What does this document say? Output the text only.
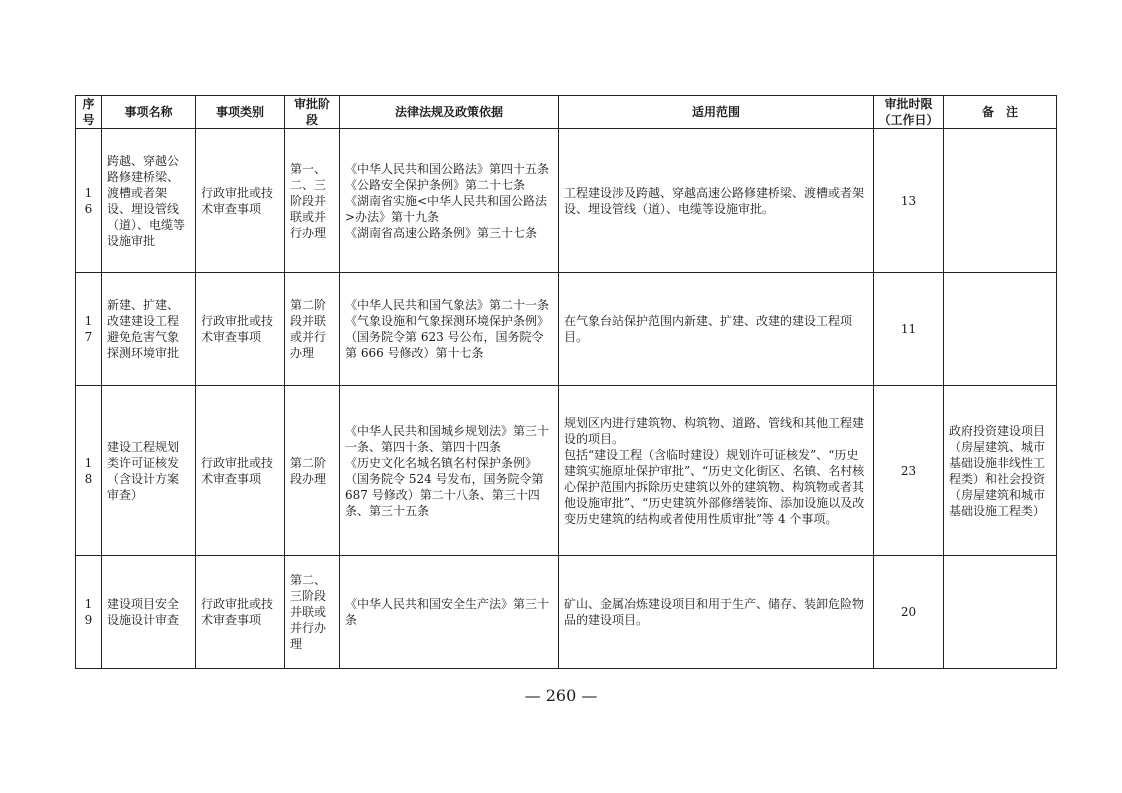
序号	事项名称	事项类别	审批阶段	法律法规及政策依据	适用范围	审批时限（工作日）	备　注
16	跨越、穿越公路修建桥梁、渡槽或者架设、埋设管线（道）、电缆等设施审批	行政审批或技术审查事项	第一、二、三阶段并联或并行办理	《中华人民共和国公路法》第四十五条
《公路安全保护条例》第二十七条
《湖南省实施<中华人民共和国公路法>办法》第十九条
《湖南省高速公路条例》第三十七条	工程建设涉及跨越、穿越高速公路修建桥梁、渡槽或者架设、埋设管线（道）、电缆等设施审批。	13	
17	新建、扩建、改建建设工程避免危害气象探测环境审批	行政审批或技术审查事项	第二阶段并联或并行办理	《中华人民共和国气象法》第二十一条
《气象设施和气象探测环境保护条例》（国务院令第 623 号公布，国务院令第 666 号修改）第十七条	在气象台站保护范围内新建、扩建、改建的建设工程项目。	11	
18	建设工程规划类许可证核发（含设计方案审查）	行政审批或技术审查事项	第二阶段办理	《中华人民共和国城乡规划法》第三十一条、第四十条、第四十四条
《历史文化名城名镇名村保护条例》（国务院令 524 号发布，国务院令第 687 号修改）第二十八条、第三十四条、第三十五条	规划区内进行建筑物、构筑物、道路、管线和其他工程建设的项目。
包括“建设工程（含临时建设）规划许可证核发”、“历史建筑实施原址保护审批”、“历史文化街区、名镇、名村核心保护范围内拆除历史建筑以外的建筑物、构筑物或者其他设施审批”、“历史建筑外部修缮装饰、添加设施以及改变历史建筑的结构或者使用性质审批”等 4 个事项。	23	政府投资建设项目（房屋建筑、城市基础设施非线性工程类）和社会投资（房屋建筑和城市基础设施工程类）
19	建设项目安全设施设计审查	行政审批或技术审查事项	第二、三阶段并联或并行办理	《中华人民共和国安全生产法》第三十条	矿山、金属冶炼建设项目和用于生产、储存、装卸危险物品的建设项目。	20	
— 260 —
